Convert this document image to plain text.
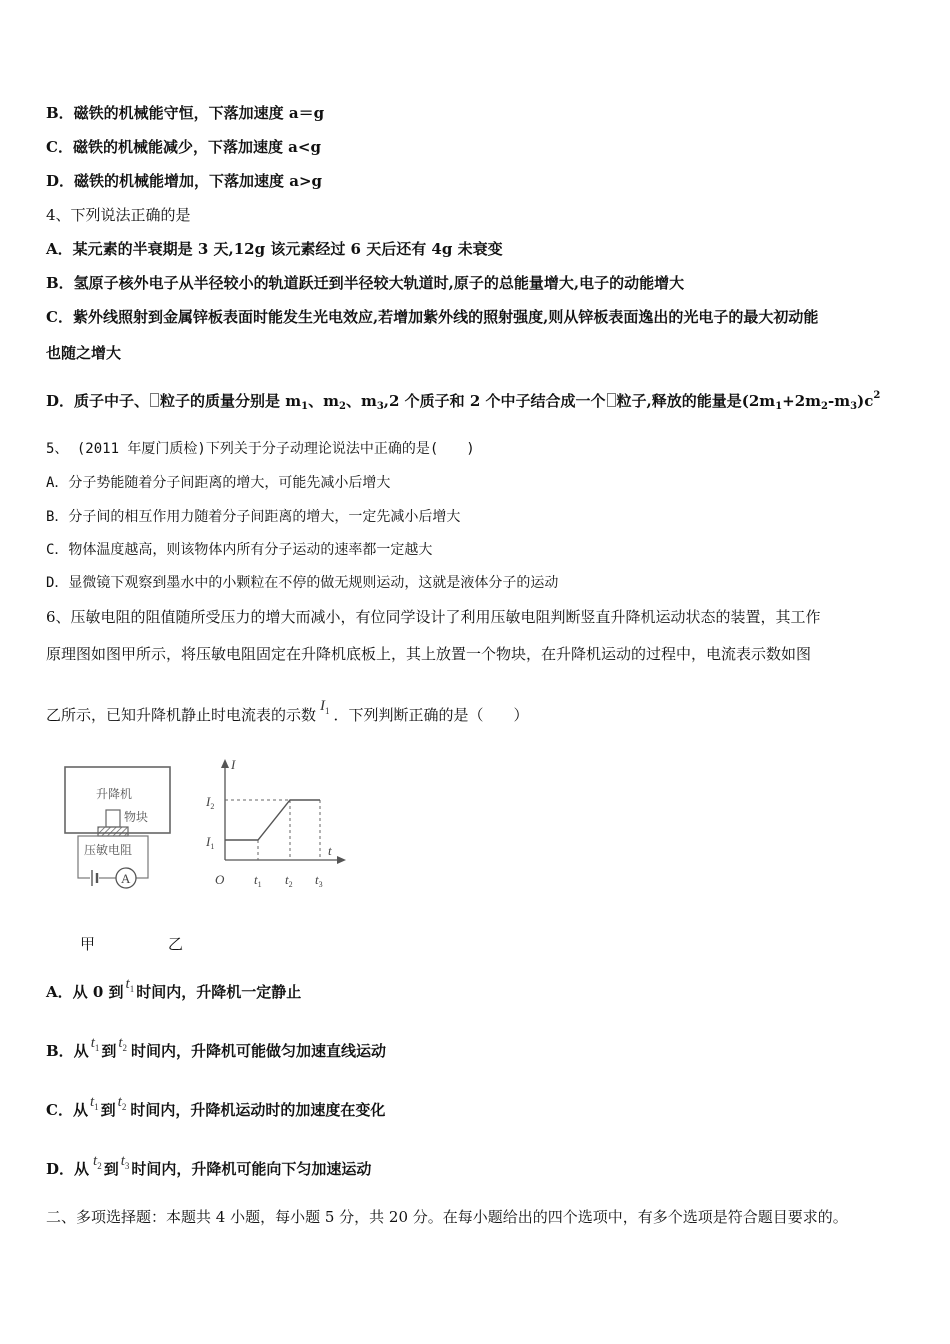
B．磁铁的机械能守恒，下落加速度 a＝g
C．磁铁的机械能减少，下落加速度 a<g
D．磁铁的机械能增加，下落加速度 a>g
4、下列说法正确的是
A．某元素的半衰期是 3 天,12g 该元素经过 6 天后还有 4g 未衰变
B．氢原子核外电子从半径较小的轨道跃迁到半径较大轨道时,原子的总能量增大,电子的动能增大
C．紫外线照射到金属锌板表面时能发生光电效应,若增加紫外线的照射强度,则从锌板表面逸出的光电子的最大初动能
也随之增大
D．质子中子、 粒子的质量分别是 $m_1$、$m_2$、$m_3,2$ 个质子和 2 个中子结合成一个 粒子,释放的能量是$(2m_1+2m_2-m_3)c^2$
5、 (2011 年厦门质检)下列关于分子动理论说法中正确的是(　　)
A．分子势能随着分子间距离的增大，可能先减小后增大
B．分子间的相互作用力随着分子间距离的增大，一定先减小后增大
C．物体温度越高，则该物体内所有分子运动的速率都一定越大
D．显微镜下观察到墨水中的小颗粒在不停的做无规则运动，这就是液体分子的运动
6、压敏电阻的阻值随所受压力的增大而减小，有位同学设计了利用压敏电阻判断竖直升降机运动状态的装置，其工作
原理图如图甲所示，将压敏电阻固定在升降机底板上，其上放置一个物块，在升降机运动的过程中，电流表示数如图
乙所示，已知升降机静止时电流表的示数 $I_1$ ．下列判断正确的是（　　）
升降机
物块
压敏电阻
A
I
t
$I_2$
$I_1$
O $t_1$ $t_2$ $t_3$
甲	乙
A．从 0 到 $t_1$ 时间内，升降机一定静止
B．从 $t_1$ 到 $t_2$ 时间内，升降机可能做匀加速直线运动
C．从 $t_1$ 到 $t_2$ 时间内，升降机运动时的加速度在变化
D．从 $t_2$ 到 $t_3$ 时间内，升降机可能向下匀加速运动
二、多项选择题：本题共 4 小题，每小题 5 分，共 20 分。在每小题给出的四个选项中，有多个选项是符合题目要求的。
